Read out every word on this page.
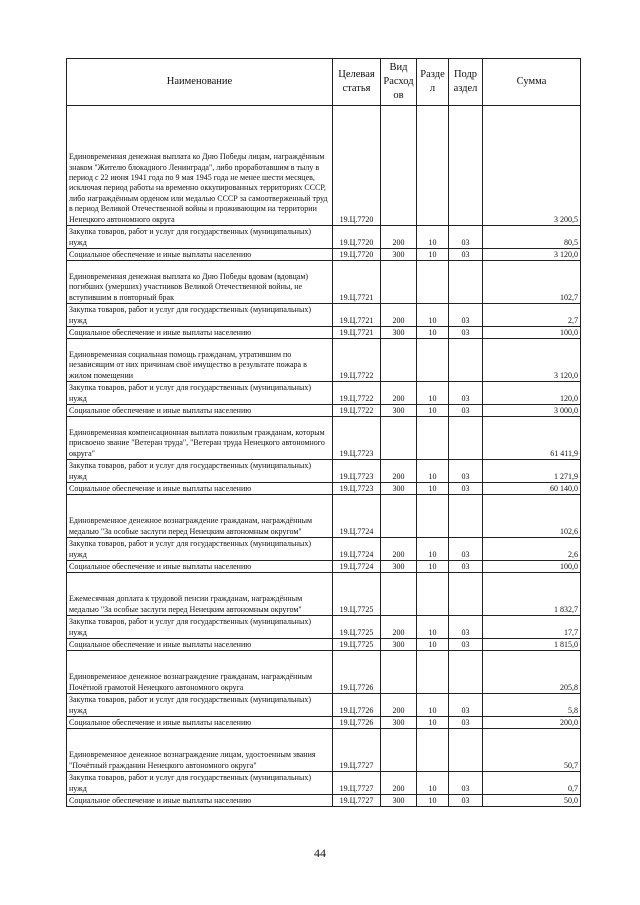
Наименование	Целевая статья	Вид Расход ов	Разде л	Подр аздел	Сумма
Единовременная денежная выплата ко Дню Победы лицам, награждённым знаком "Жителю блокадного Ленинграда", либо проработавшим в тылу в период с 22 июня 1941 года по 9 мая 1945 года не менее шести месяцев, исключая период работы на временно оккупированных территориях СССР, либо награждённым орденом или медалью СССР за самоотверженный труд в период Великой Отечественной войны и проживающим на территории Ненецкого автономного округа	19.Ц.7720				3 200,5
Закупка товаров, работ и услуг для государственных (муниципальных) нужд	19.Ц.7720	200	10	03	80,5
Социальное обеспечение и иные выплаты населению	19.Ц.7720	300	10	03	3 120,0
Единовременная денежная выплата ко Дню Победы вдовам (вдовцам) погибших (умерших) участников Великой Отечественной войны, не вступившим в повторный брак	19.Ц.7721				102,7
Закупка товаров, работ и услуг для государственных (муниципальных) нужд	19.Ц.7721	200	10	03	2,7
Социальное обеспечение и иные выплаты населению	19.Ц.7721	300	10	03	100,0
Единовременная социальная помощь гражданам, утратившим по независящим от них причинам своё имущество в результате пожара в жилом помещении	19.Ц.7722				3 120,0
Закупка товаров, работ и услуг для государственных (муниципальных) нужд	19.Ц.7722	200	10	03	120,0
Социальное обеспечение и иные выплаты населению	19.Ц.7722	300	10	03	3 000,0
Единовременная компенсационная выплата пожилым гражданам, которым присвоено звание "Ветеран труда", "Ветеран труда Ненецкого автономного округа"	19.Ц.7723				61 411,9
Закупка товаров, работ и услуг для государственных (муниципальных) нужд	19.Ц.7723	200	10	03	1 271,9
Социальное обеспечение и иные выплаты населению	19.Ц.7723	300	10	03	60 140,0
Единовременное денежное вознаграждение гражданам, награждённым медалью "За особые заслуги перед Ненецким автономным округом"	19.Ц.7724				102,6
Закупка товаров, работ и услуг для государственных (муниципальных) нужд	19.Ц.7724	200	10	03	2,6
Социальное обеспечение и иные выплаты населению	19.Ц.7724	300	10	03	100,0
Ежемесячная доплата к трудовой пенсии гражданам, награждённым медалью "За особые заслуги перед Ненецким автономным округом"	19.Ц.7725				1 832,7
Закупка товаров, работ и услуг для государственных (муниципальных) нужд	19.Ц.7725	200	10	03	17,7
Социальное обеспечение и иные выплаты населению	19.Ц.7725	300	10	03	1 815,0
Единовременное денежное вознаграждение гражданам, награждённым Почётной грамотой Ненецкого автономного округа	19.Ц.7726				205,8
Закупка товаров, работ и услуг для государственных (муниципальных) нужд	19.Ц.7726	200	10	03	5,8
Социальное обеспечение и иные выплаты населению	19.Ц.7726	300	10	03	200,0
Единовременное денежное вознаграждение лицам, удостоенным звания "Почётный гражданин Ненецкого автономного округа"	19.Ц.7727				50,7
Закупка товаров, работ и услуг для государственных (муниципальных) нужд	19.Ц.7727	200	10	03	0,7
Социальное обеспечение и иные выплаты населению	19.Ц.7727	300	10	03	50,0
44
